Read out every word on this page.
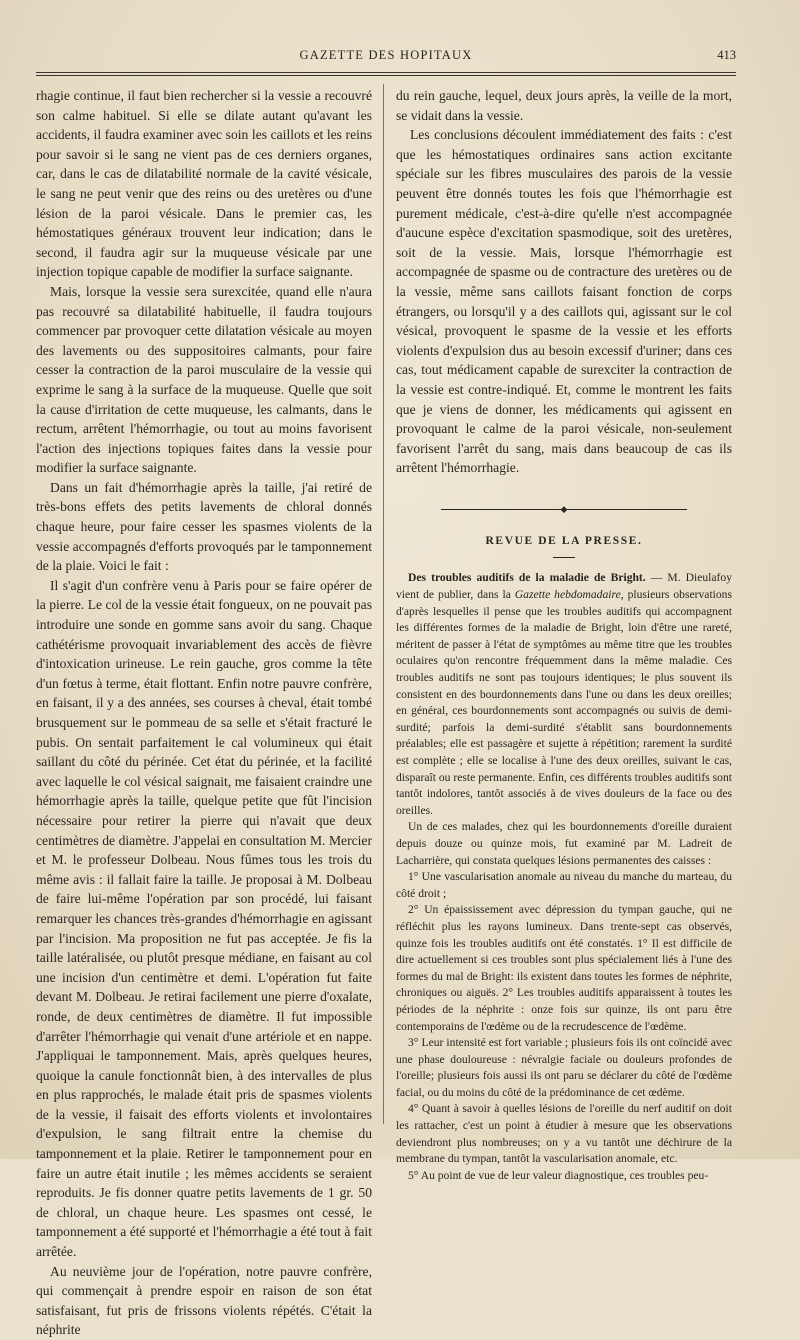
GAZETTE DES HOPITAUX	413

rhagie continue, il faut bien rechercher si la vessie a recouvré son calme habituel. Si elle se dilate autant qu'avant les accidents, il faudra examiner avec soin les caillots et les reins pour savoir si le sang ne vient pas de ces derniers organes, car, dans le cas de dilatabilité normale de la cavité vésicale, le sang ne peut venir que des reins ou des uretères ou d'une lésion de la paroi vésicale. Dans le premier cas, les hémostatiques généraux trouvent leur indication; dans le second, il faudra agir sur la muqueuse vésicale par une injection topique capable de modifier la surface saignante.

Mais, lorsque la vessie sera surexcitée, quand elle n'aura pas recouvré sa dilatabilité habituelle, il faudra toujours commencer par provoquer cette dilatation vésicale au moyen des lavements ou des suppositoires calmants, pour faire cesser la contraction de la paroi musculaire de la vessie qui exprime le sang à la surface de la muqueuse. Quelle que soit la cause d'irritation de cette muqueuse, les calmants, dans le rectum, arrêtent l'hémorrhagie, ou tout au moins favorisent l'action des injections topiques faites dans la vessie pour modifier la surface saignante.

Dans un fait d'hémorrhagie après la taille, j'ai retiré de très-bons effets des petits lavements de chloral donnés chaque heure, pour faire cesser les spasmes violents de la vessie accompagnés d'efforts provoqués par le tamponnement de la plaie. Voici le fait :

Il s'agit d'un confrère venu à Paris pour se faire opérer de la pierre. Le col de la vessie était fongueux, on ne pouvait pas introduire une sonde en gomme sans avoir du sang. Chaque cathétérisme provoquait invariablement des accès de fièvre d'intoxication urineuse. Le rein gauche, gros comme la tête d'un fœtus à terme, était flottant. Enfin notre pauvre confrère, en faisant, il y a des années, ses courses à cheval, était tombé brusquement sur le pommeau de sa selle et s'était fracturé le pubis. On sentait parfaitement le cal volumineux qui était saillant du côté du périnée. Cet état du périnée, et la facilité avec laquelle le col vésical saignait, me faisaient craindre une hémorrhagie après la taille, quelque petite que fût l'incision nécessaire pour retirer la pierre qui n'avait que deux centimètres de diamètre. J'appelai en consultation M. Mercier et M. le professeur Dolbeau. Nous fûmes tous les trois du même avis : il fallait faire la taille. Je proposai à M. Dolbeau de faire lui-même l'opération par son procédé, lui faisant remarquer les chances très-grandes d'hémorrhagie en agissant par l'incision. Ma proposition ne fut pas acceptée. Je fis la taille latéralisée, ou plutôt presque médiane, en faisant au col une incision d'un centimètre et demi. L'opération fut faite devant M. Dolbeau. Je retirai facilement une pierre d'oxalate, ronde, de deux centimètres de diamètre. Il fut impossible d'arrêter l'hémorrhagie qui venait d'une artériole et en nappe. J'appliquai le tamponnement. Mais, après quelques heures, quoique la canule fonctionnât bien, à des intervalles de plus en plus rapprochés, le malade était pris de spasmes violents de la vessie, il faisait des efforts violents et involontaires d'expulsion, le sang filtrait entre la chemise du tamponnement et la plaie. Retirer le tamponnement pour en faire un autre était inutile ; les mêmes accidents se seraient reproduits. Je fis donner quatre petits lavements de 1 gr. 50 de chloral, un chaque heure. Les spasmes ont cessé, le tamponnement a été supporté et l'hémorrhagie a été tout à fait arrêtée.

Au neuvième jour de l'opération, notre pauvre confrère, qui commençait à prendre espoir en raison de son état satisfaisant, fut pris de frissons violents répétés. C'était la néphrite

du rein gauche, lequel, deux jours après, la veille de la mort, se vidait dans la vessie.

Les conclusions découlent immédiatement des faits : c'est que les hémostatiques ordinaires sans action excitante spéciale sur les fibres musculaires des parois de la vessie peuvent être donnés toutes les fois que l'hémorrhagie est purement médicale, c'est-à-dire qu'elle n'est accompagnée d'aucune espèce d'excitation spasmodique, soit des uretères, soit de la vessie. Mais, lorsque l'hémorrhagie est accompagnée de spasme ou de contracture des uretères ou de la vessie, même sans caillots faisant fonction de corps étrangers, ou lorsqu'il y a des caillots qui, agissant sur le col vésical, provoquent le spasme de la vessie et les efforts violents d'expulsion dus au besoin excessif d'uriner; dans ces cas, tout médicament capable de surexciter la contraction de la vessie est contre-indiqué. Et, comme le montrent les faits que je viens de donner, les médicaments qui agissent en provoquant le calme de la paroi vésicale, non-seulement favorisent l'arrêt du sang, mais dans beaucoup de cas ils arrêtent l'hémorrhagie.

◆
REVUE DE LA PRESSE.

Des troubles auditifs de la maladie de Bright. — M. Dieulafoy vient de publier, dans la Gazette hebdomadaire, plusieurs observations d'après lesquelles il pense que les troubles auditifs qui accompagnent les différentes formes de la maladie de Bright, loin d'être une rareté, méritent de passer à l'état de symptômes au même titre que les troubles oculaires qu'on rencontre fréquemment dans la même maladie. Ces troubles auditifs ne sont pas toujours identiques; le plus souvent ils consistent en des bourdonnements dans l'une ou dans les deux oreilles; en général, ces bourdonnements sont accompagnés ou suivis de demi-surdité; parfois la demi-surdité s'établit sans bourdonnements préalables; elle est passagère et sujette à répétition; rarement la surdité est complète ; elle se localise à l'une des deux oreilles, suivant le cas, disparaît ou reste permanente. Enfin, ces différents troubles auditifs sont tantôt indolores, tantôt associés à de vives douleurs de la face ou des oreilles.

Un de ces malades, chez qui les bourdonnements d'oreille duraient depuis douze ou quinze mois, fut examiné par M. Ladreit de Lacharrière, qui constata quelques lésions permanentes des caisses :

1° Une vascularisation anomale au niveau du manche du marteau, du côté droit ;

2° Un épaississement avec dépression du tympan gauche, qui ne réfléchit plus les rayons lumineux. Dans trente-sept cas observés, quinze fois les troubles auditifs ont été constatés. 1° Il est difficile de dire actuellement si ces troubles sont plus spécialement liés à l'une des formes du mal de Bright: ils existent dans toutes les formes de néphrite, chroniques ou aiguës. 2° Les troubles auditifs apparaissent à toutes les périodes de la néphrite : onze fois sur quinze, ils ont paru être contemporains de l'œdème ou de la recrudescence de l'œdème.

3° Leur intensité est fort variable ; plusieurs fois ils ont coïncidé avec une phase douloureuse : névralgie faciale ou douleurs profondes de l'oreille; plusieurs fois aussi ils ont paru se déclarer du côté de l'œdème facial, ou du moins du côté de la prédominance de cet œdème.

4° Quant à savoir à quelles lésions de l'oreille du nerf auditif on doit les rattacher, c'est un point à étudier à mesure que les observations deviendront plus nombreuses; on y a vu tantôt une déchirure de la membrane du tympan, tantôt la vascularisation anomale, etc.

5° Au point de vue de leur valeur diagnostique, ces troubles peu-
